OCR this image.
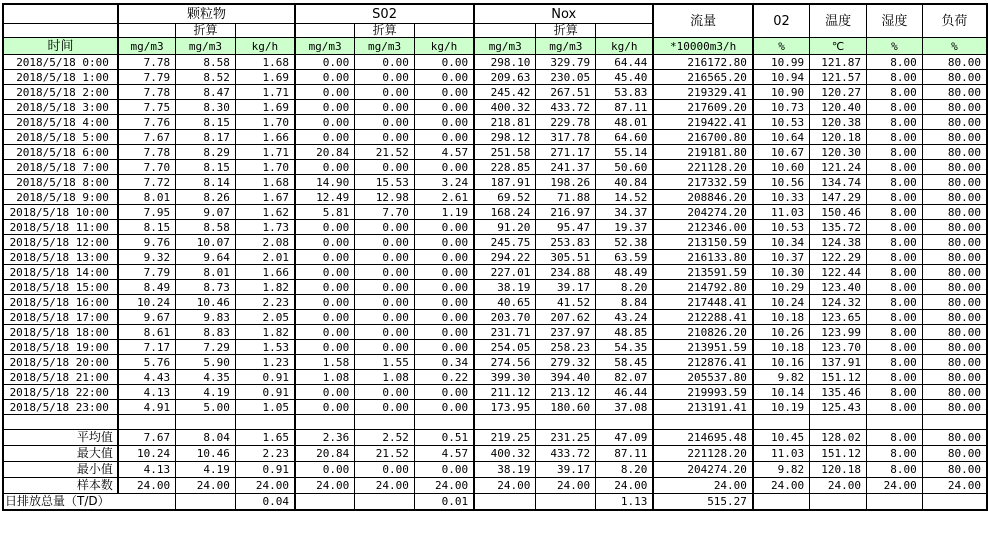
	颗粒物			S02			Nox			流量	02	温度	湿度	负荷
		折算			折算			折算						
时间	mg/m3	mg/m3	kg/h	mg/m3	mg/m3	kg/h	mg/m3	mg/m3	kg/h	*10000m3/h	%	℃	%	%
2018/5/18 0:00	7.78	8.58	1.68	0.00	0.00	0.00	298.10	329.79	64.44	216172.80	10.99	121.87	8.00	80.00
2018/5/18 1:00	7.79	8.52	1.69	0.00	0.00	0.00	209.63	230.05	45.40	216565.20	10.94	121.57	8.00	80.00
2018/5/18 2:00	7.78	8.47	1.71	0.00	0.00	0.00	245.42	267.51	53.83	219329.41	10.90	120.27	8.00	80.00
2018/5/18 3:00	7.75	8.30	1.69	0.00	0.00	0.00	400.32	433.72	87.11	217609.20	10.73	120.40	8.00	80.00
2018/5/18 4:00	7.76	8.15	1.70	0.00	0.00	0.00	218.81	229.78	48.01	219422.41	10.53	120.38	8.00	80.00
2018/5/18 5:00	7.67	8.17	1.66	0.00	0.00	0.00	298.12	317.78	64.60	216700.80	10.64	120.18	8.00	80.00
2018/5/18 6:00	7.78	8.29	1.71	20.84	21.52	4.57	251.58	271.17	55.14	219181.80	10.67	120.30	8.00	80.00
2018/5/18 7:00	7.70	8.15	1.70	0.00	0.00	0.00	228.85	241.37	50.60	221128.20	10.60	121.24	8.00	80.00
2018/5/18 8:00	7.72	8.14	1.68	14.90	15.53	3.24	187.91	198.26	40.84	217332.59	10.56	134.74	8.00	80.00
2018/5/18 9:00	8.01	8.26	1.67	12.49	12.98	2.61	69.52	71.88	14.52	208846.20	10.33	147.29	8.00	80.00
2018/5/18 10:00	7.95	9.07	1.62	5.81	7.70	1.19	168.24	216.97	34.37	204274.20	11.03	150.46	8.00	80.00
2018/5/18 11:00	8.15	8.58	1.73	0.00	0.00	0.00	91.20	95.47	19.37	212346.00	10.53	135.72	8.00	80.00
2018/5/18 12:00	9.76	10.07	2.08	0.00	0.00	0.00	245.75	253.83	52.38	213150.59	10.34	124.38	8.00	80.00
2018/5/18 13:00	9.32	9.64	2.01	0.00	0.00	0.00	294.22	305.51	63.59	216133.80	10.37	122.29	8.00	80.00
2018/5/18 14:00	7.79	8.01	1.66	0.00	0.00	0.00	227.01	234.88	48.49	213591.59	10.30	122.44	8.00	80.00
2018/5/18 15:00	8.49	8.73	1.82	0.00	0.00	0.00	38.19	39.17	8.20	214792.80	10.29	123.40	8.00	80.00
2018/5/18 16:00	10.24	10.46	2.23	0.00	0.00	0.00	40.65	41.52	8.84	217448.41	10.24	124.32	8.00	80.00
2018/5/18 17:00	9.67	9.83	2.05	0.00	0.00	0.00	203.70	207.62	43.24	212288.41	10.18	123.65	8.00	80.00
2018/5/18 18:00	8.61	8.83	1.82	0.00	0.00	0.00	231.71	237.97	48.85	210826.20	10.26	123.99	8.00	80.00
2018/5/18 19:00	7.17	7.29	1.53	0.00	0.00	0.00	254.05	258.23	54.35	213951.59	10.18	123.70	8.00	80.00
2018/5/18 20:00	5.76	5.90	1.23	1.58	1.55	0.34	274.56	279.32	58.45	212876.41	10.16	137.91	8.00	80.00
2018/5/18 21:00	4.43	4.35	0.91	1.08	1.08	0.22	399.30	394.40	82.07	205537.80	9.82	151.12	8.00	80.00
2018/5/18 22:00	4.13	4.19	0.91	0.00	0.00	0.00	211.12	213.12	46.44	219993.59	10.14	135.46	8.00	80.00
2018/5/18 23:00	4.91	5.00	1.05	0.00	0.00	0.00	173.95	180.60	37.08	213191.41	10.19	125.43	8.00	80.00

平均值	7.67	8.04	1.65	2.36	2.52	0.51	219.25	231.25	47.09	214695.48	10.45	128.02	8.00	80.00
最大值	10.24	10.46	2.23	20.84	21.52	4.57	400.32	433.72	87.11	221128.20	11.03	151.12	8.00	80.00
最小值	4.13	4.19	0.91	0.00	0.00	0.00	38.19	39.17	8.20	204274.20	9.82	120.18	8.00	80.00
样本数	24.00	24.00	24.00	24.00	24.00	24.00	24.00	24.00	24.00	24.00	24.00	24.00	24.00	24.00
日排放总量（T/D）			0.04			0.01			1.13	515.27				
